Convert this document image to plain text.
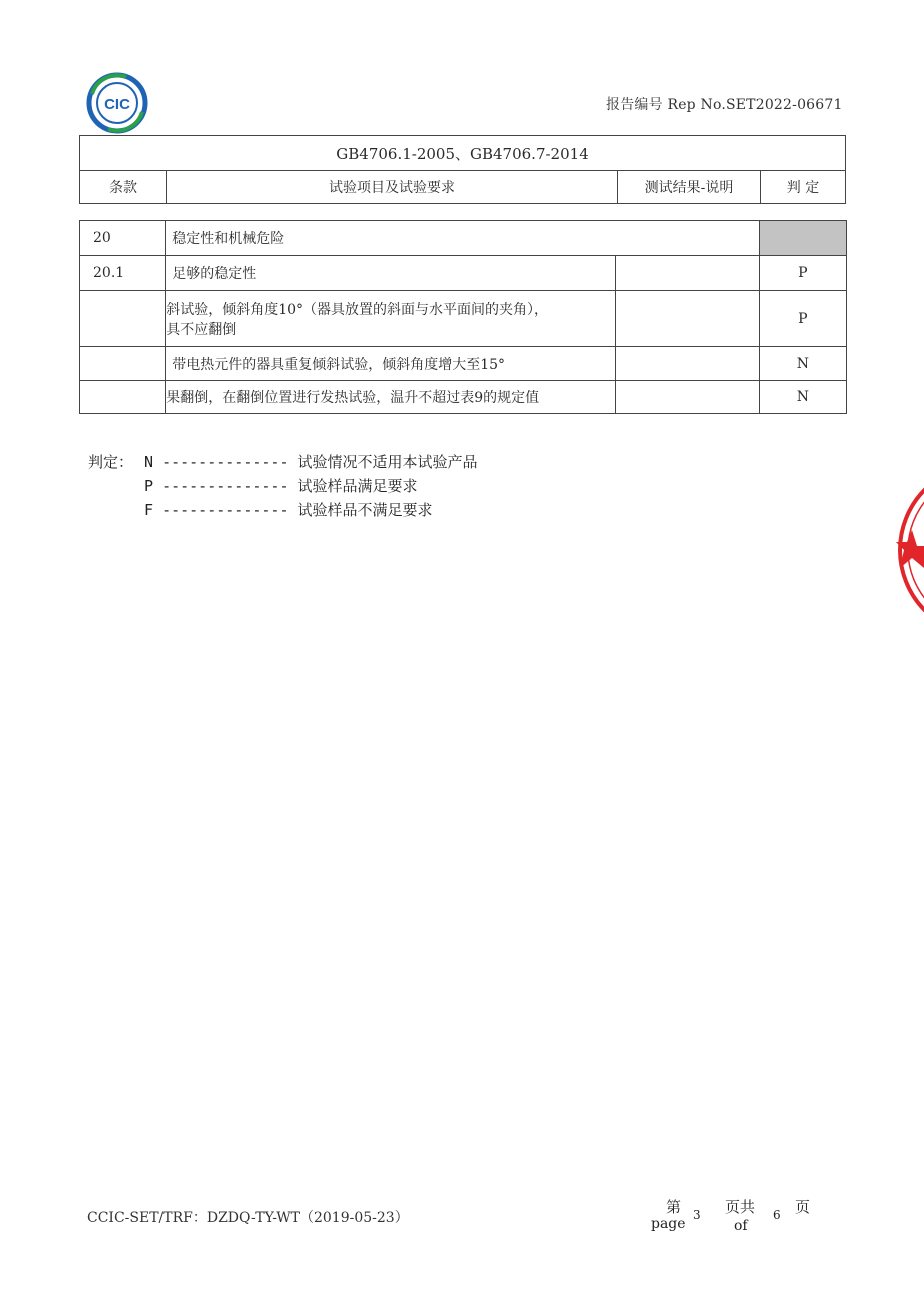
CIC	报告编号 Rep No.SET2022-06671
GB4706.1-2005、GB4706.7-2014
条款	试验项目及试验要求	测试结果-说明	判 定
20	稳定性和机械危险		
20.1	足够的稳定性		P

	斜试验，倾斜角度10°（器具放置的斜面与水平面间的夹角），
具不应翻倒		P
	带电热元件的器具重复倾斜试验，倾斜角度增大至15°		N
	果翻倒，在翻倒位置进行发热试验，温升不超过表9的规定值		N
判定： N -------------- 试验情况不适用本试验产品
P -------------- 试验样品满足要求
F -------------- 试验样品不满足要求
CCIC-SET/TRF：DZDQ-TY-WT（2019-05-23）
第
page
3 页共
of
6 页
